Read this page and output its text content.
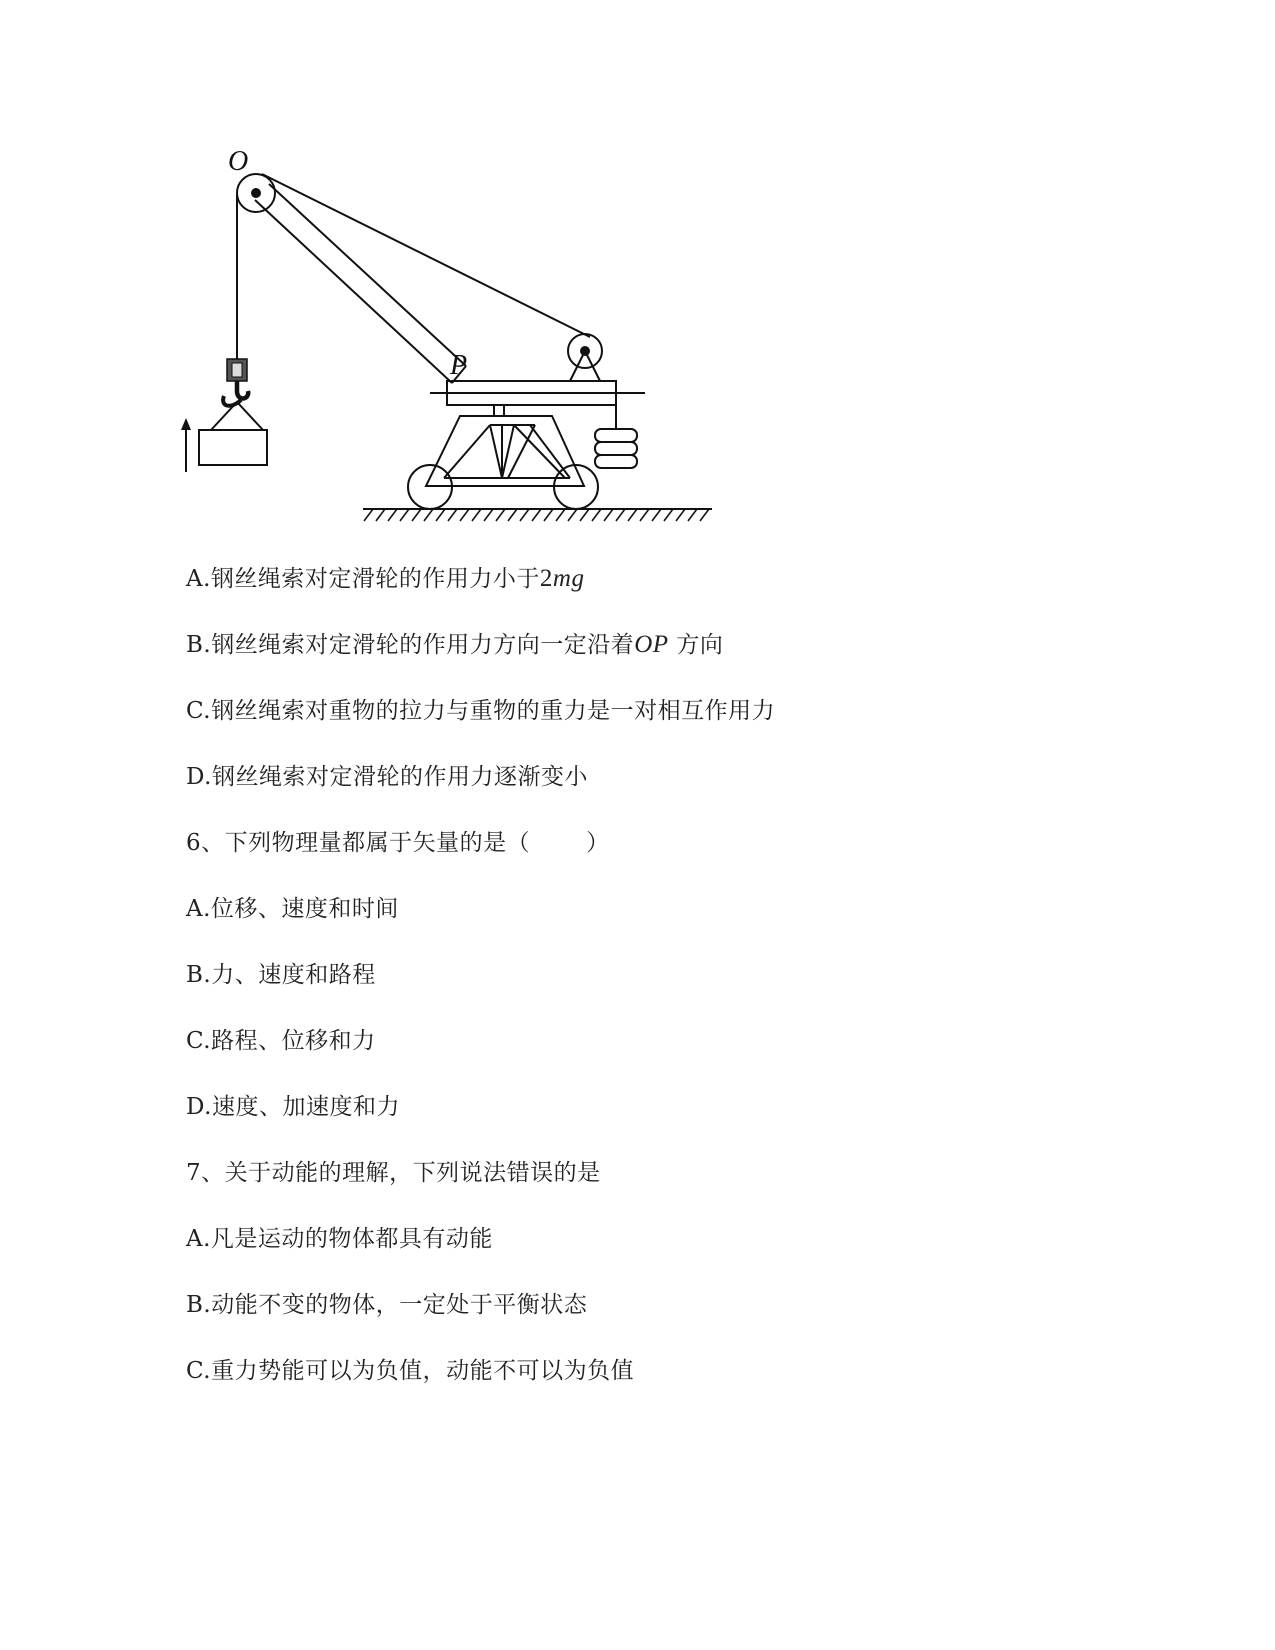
O
P
A.钢丝绳索对定滑轮的作用力小于2mg
B.钢丝绳索对定滑轮的作用力方向一定沿着OP 方向
C.钢丝绳索对重物的拉力与重物的重力是一对相互作用力
D.钢丝绳索对定滑轮的作用力逐渐变小
6、下列物理量都属于矢量的是（ ）
A.位移、速度和时间
B.力、速度和路程
C.路程、位移和力
D.速度、加速度和力
7、关于动能的理解，下列说法错误的是
A.凡是运动的物体都具有动能
B.动能不变的物体，一定处于平衡状态
C.重力势能可以为负值，动能不可以为负值
